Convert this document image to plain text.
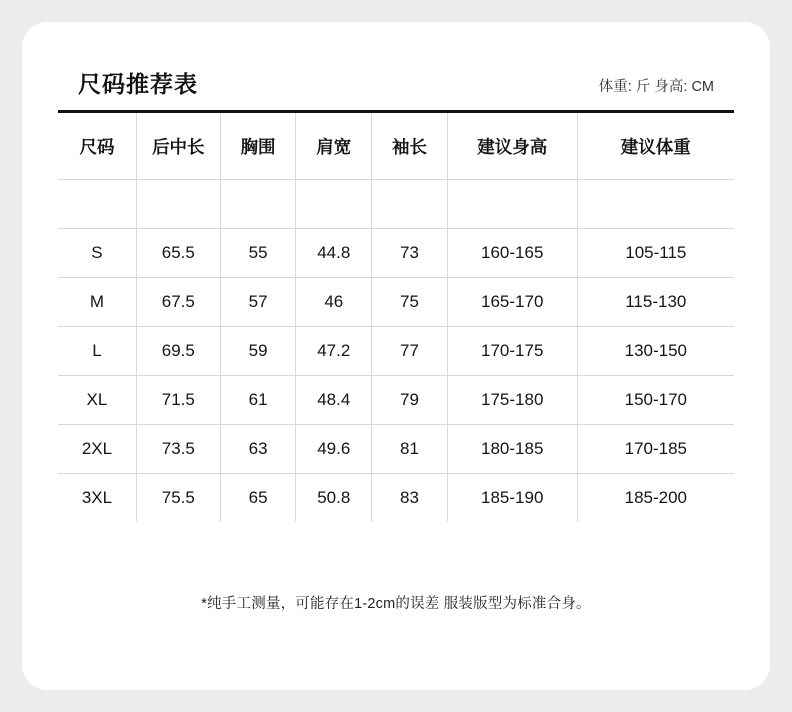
尺码推荐表	体重: 斤 身高: CM
尺码	后中长	胸围	肩宽	袖长	建议身高	建议体重

S	65.5	55	44.8	73	160-165	105-115
M	67.5	57	46	75	165-170	115-130
L	69.5	59	47.2	77	170-175	130-150
XL	71.5	61	48.4	79	175-180	150-170
2XL	73.5	63	49.6	81	180-185	170-185
3XL	75.5	65	50.8	83	185-190	185-200
*纯手工测量，可能存在1-2cm的误差 服装版型为标准合身。
